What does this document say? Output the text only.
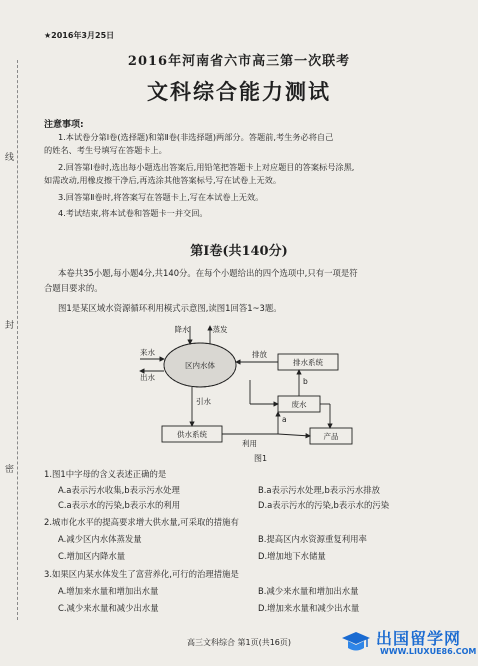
线
封
密
★2016年3月25日
2016年河南省六市高三第一次联考
文科综合能力测试
注意事项:
1.本试卷分第Ⅰ卷(选择题)和第Ⅱ卷(非选择题)两部分。答题前,考生务必将自己
的姓名、考生号填写在答题卡上。
2.回答第Ⅰ卷时,选出每小题选出答案后,用铅笔把答题卡上对应题目的答案标号涂黑,
如需改动,用橡皮擦干净后,再选涂其他答案标号,写在试卷上无效。
3.回答第Ⅱ卷时,将答案写在答题卡上,写在本试卷上无效。
4.考试结束,将本试卷和答题卡一并交回。
第Ⅰ卷(共140分)
本卷共35小题,每小题4分,共140分。在每个小题给出的四个选项中,只有一项是符
合题目要求的。
图1是某区域水资源循环利用模式示意图,读图1回答1~3题。
区内水体
降水	蒸发
来水
出水
排水系统
废水
供水系统	产品
排放
引水
利用
a
b
图1
1.图1中字母的含义表述正确的是
A.a表示污水收集,b表示污水处理	B.a表示污水处理,b表示污水排放
C.a表示水的污染,b表示水的利用	D.a表示污水的污染,b表示水的污染
2.城市化水平的提高要求增大供水量,可采取的措施有
A.减少区内水体蒸发量	B.提高区内水资源重复利用率
C.增加区内降水量	D.增加地下水储量
3.如果区内某水体发生了富营养化,可行的治理措施是
A.增加来水量和增加出水量	B.减少来水量和增加出水量
C.减少来水量和减少出水量	D.增加来水量和减少出水量
高三文科综合 第1页(共16页)	出国留学网
WWW.LIUXUE86.COM
